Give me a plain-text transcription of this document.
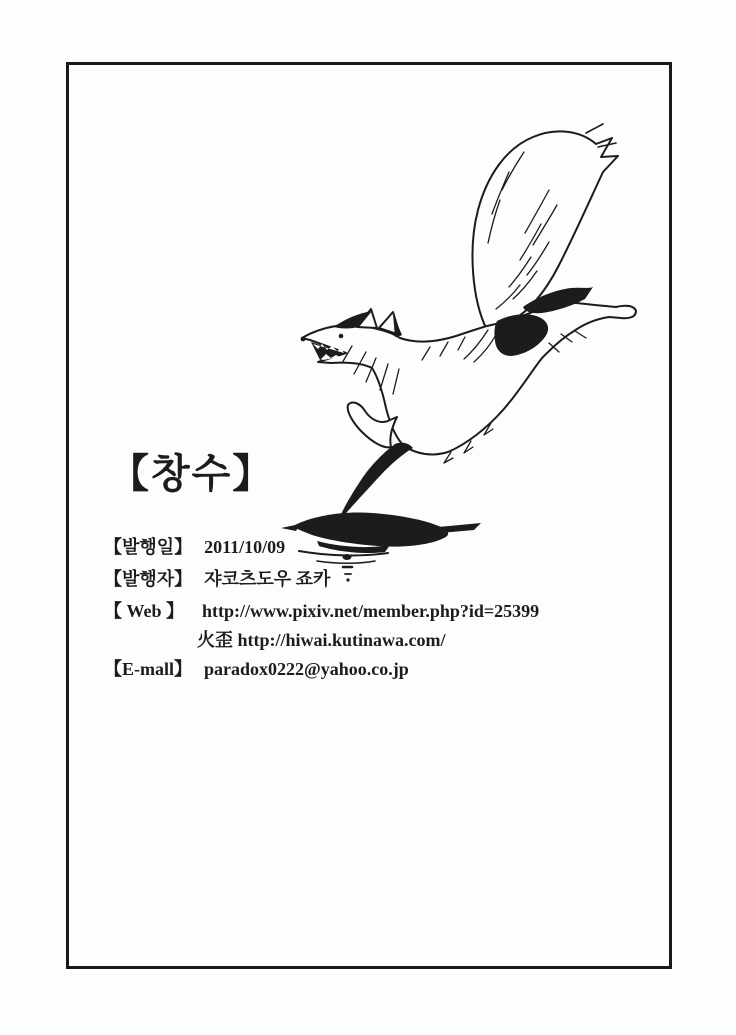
【창수】
【발행일】 2011/10/09
【발행자】 쟈코츠도우 죠카
【 Web 】 http://www.pixiv.net/member.php?id=25399
火歪 http://hiwai.kutinawa.com/
【E-mall】 paradox0222@yahoo.co.jp
